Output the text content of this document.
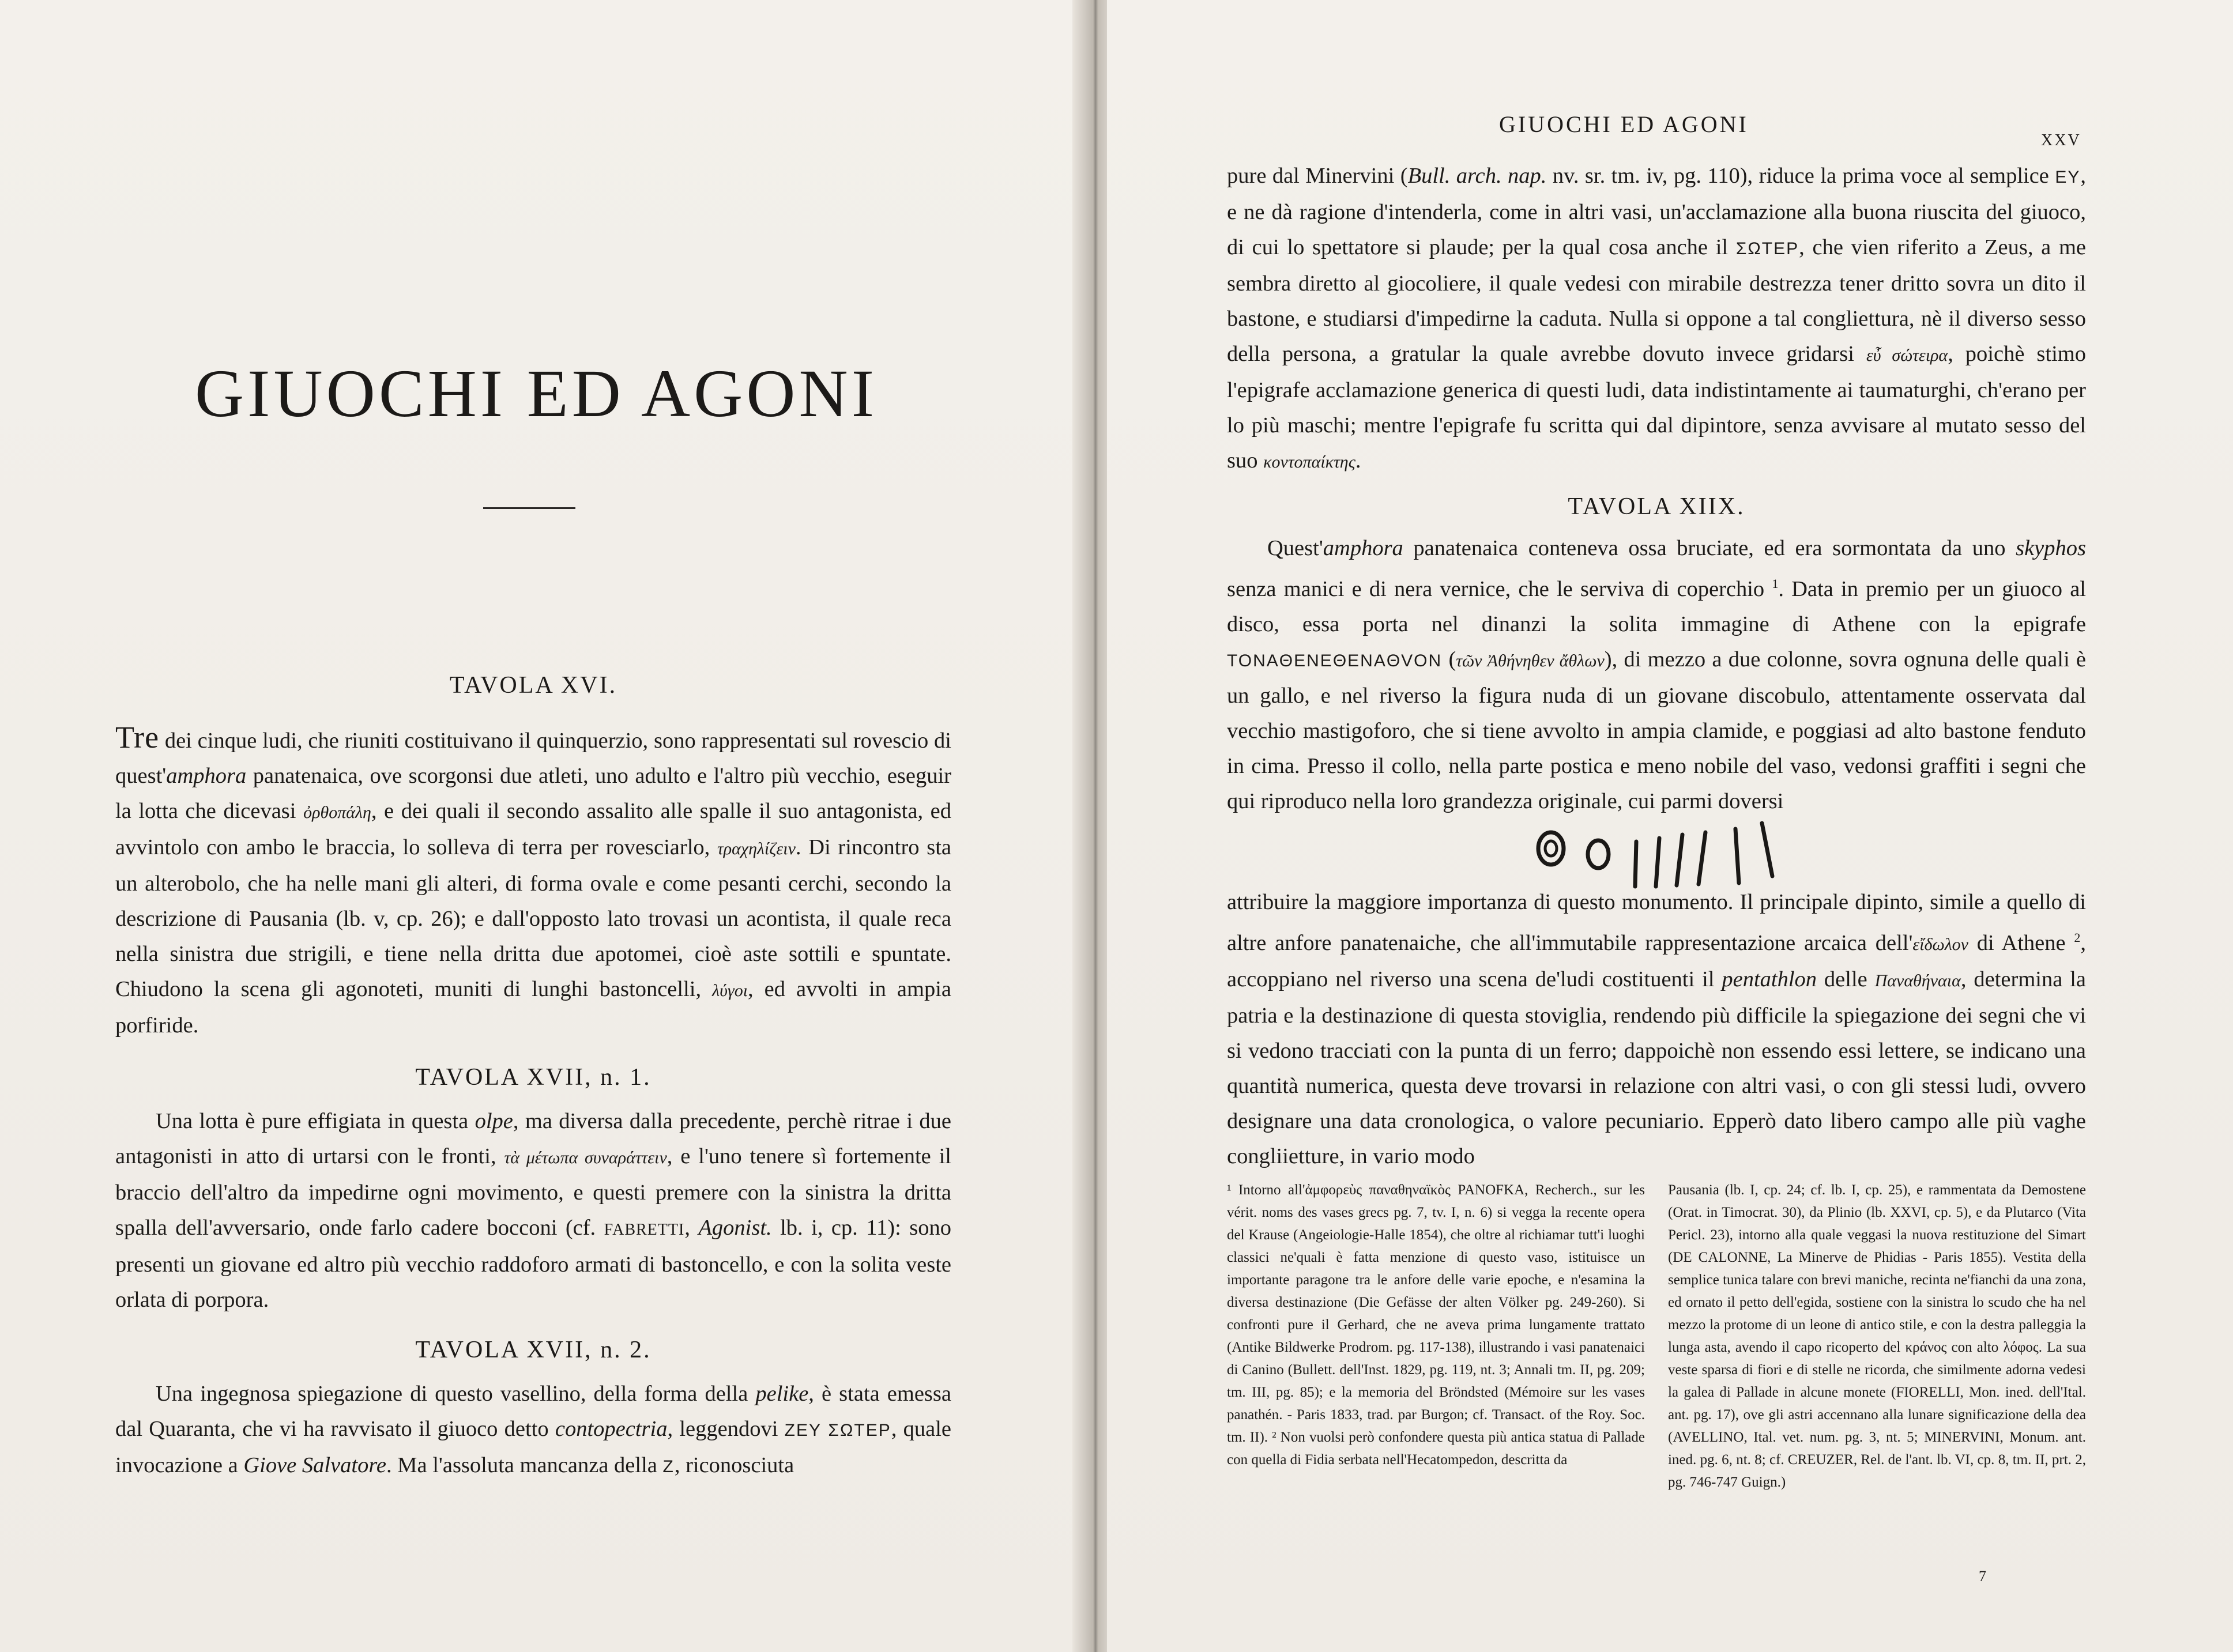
GIUOCHI ED AGONI

TAVOLA XVI.

Tre dei cinque ludi, che riuniti costituivano il quinquerzio, sono rappresentati sul rovescio di quest'amphora panatenaica, ove scorgonsi due atleti, uno adulto e l'altro più vecchio, eseguir la lotta che dicevasi ὀρθοπάλη, e dei quali il secondo assalito alle spalle il suo antagonista, ed avvintolo con ambo le braccia, lo solleva di terra per rovesciarlo, τραχηλίζειν. Di rincontro sta un alterobolo, che ha nelle mani gli alteri, di forma ovale e come pesanti cerchi, secondo la descrizione di Pausania (lb. v, cp. 26); e dall'opposto lato trovasi un acontista, il quale reca nella sinistra due strigili, e tiene nella dritta due apotomei, cioè aste sottili e spuntate. Chiudono la scena gli agonoteti, muniti di lunghi bastoncelli, λύγοι, ed avvolti in ampia porfiride.

TAVOLA XVII, n. 1.

Una lotta è pure effigiata in questa olpe, ma diversa dalla precedente, perchè ritrae i due antagonisti in atto di urtarsi con le fronti, τὰ μέτωπα συναράττειν, e l'uno tenere sì fortemente il braccio dell'altro da impedirne ogni movimento, e questi premere con la sinistra la dritta spalla dell'avversario, onde farlo cadere bocconi (cf. FABRETTI, Agonist. lb. i, cp. 11): sono presenti un giovane ed altro più vecchio raddoforo armati di bastoncello, e con la solita veste orlata di porpora.

TAVOLA XVII, n. 2.

Una ingegnosa spiegazione di questo vasellino, della forma della pelike, è stata emessa dal Quaranta, che vi ha ravvisato il giuoco detto contopectria, leggendovi ZEY ΣΩTEP, quale invocazione a Giove Salvatore. Ma l'assoluta mancanza della Z, riconosciuta

GIUOCHI ED AGONI
XXV

pure dal Minervini (Bull. arch. nap. nv. sr. tm. iv, pg. 110), riduce la prima voce al semplice EY, e ne dà ragione d'intenderla, come in altri vasi, un'acclamazione alla buona riuscita del giuoco, di cui lo spettatore si plaude; per la qual cosa anche il ΣΩTEP, che vien riferito a Zeus, a me sembra diretto al giocoliere, il quale vedesi con mirabile destrezza tener dritto sovra un dito il bastone, e studiarsi d'impedirne la caduta. Nulla si oppone a tal congliettura, nè il diverso sesso della persona, a gratular la quale avrebbe dovuto invece gridarsi εὖ σώτειρα, poichè stimo l'epigrafe acclamazione generica di questi ludi, data indistintamente ai taumaturghi, ch'erano per lo più maschi; mentre l'epigrafe fu scritta qui dal dipintore, senza avvisare al mutato sesso del suo κοντοπαίκτης.

TAVOLA XIIX.

Quest'amphora panatenaica conteneva ossa bruciate, ed era sormontata da uno skyphos senza manici e di nera vernice, che le serviva di coperchio $^1$. Data in premio per un giuoco al disco, essa porta nel dinanzi la solita immagine di Athene con la epigrafe TONAΘENEΘENAΘVON (τῶν Ἀθήνηθεν ἄθλων), di mezzo a due colonne, sovra ognuna delle quali è un gallo, e nel riverso la figura nuda di un giovane discobulo, attentamente osservata dal vecchio mastigoforo, che si tiene avvolto in ampia clamide, e poggiasi ad alto bastone fenduto in cima. Presso il collo, nella parte postica e meno nobile del vaso, vedonsi graffiti i segni che qui riproduco nella loro grandezza originale, cui parmi doversi

attribuire la maggiore importanza di questo monumento. Il principale dipinto, simile a quello di altre anfore panatenaiche, che all'immutabile rappresentazione arcaica dell'εἴδωλον di Athene $^2$, accoppiano nel riverso una scena de'ludi costituenti il pentathlon delle Παναθήναια, determina la patria e la destinazione di questa stoviglia, rendendo più difficile la spiegazione dei segni che vi si vedono tracciati con la punta di un ferro; dappoichè non essendo essi lettere, se indicano una quantità numerica, questa deve trovarsi in relazione con altri vasi, o con gli stessi ludi, ovvero designare una data cronologica, o valore pecuniario. Epperò dato libero campo alle più vaghe congliietture, in vario modo

¹ Intorno all'ἀμφορεὺς παναθηναϊκὸς PANOFKA, Recherch., sur les vérit. noms des vases grecs pg. 7, tv. I, n. 6) si vegga la recente opera del Krause (Angeiologie-Halle 1854), che oltre al richiamar tutt'i luoghi classici ne'quali è fatta menzione di questo vaso, istituisce un importante paragone tra le anfore delle varie epoche, e n'esamina la diversa destinazione (Die Gefässe der alten Völker pg. 249-260). Si confronti pure il Gerhard, che ne aveva prima lungamente trattato (Antike Bildwerke Prodrom. pg. 117-138), illustrando i vasi panatenaici di Canino (Bullett. dell'Inst. 1829, pg. 119, nt. 3; Annali tm. II, pg. 209; tm. III, pg. 85); e la memoria del Bröndsted (Mémoire sur les vases panathén. - Paris 1833, trad. par Burgon; cf. Transact. of the Roy. Soc. tm. II). ² Non vuolsi però confondere questa più antica statua di Pallade con quella di Fidia serbata nell'Hecatompedon, descritta da

Pausania (lb. I, cp. 24; cf. lb. I, cp. 25), e rammentata da Demostene (Orat. in Timocrat. 30), da Plinio (lb. XXVI, cp. 5), e da Plutarco (Vita Pericl. 23), intorno alla quale veggasi la nuova restituzione del Simart (DE CALONNE, La Minerve de Phidias - Paris 1855). Vestita della semplice tunica talare con brevi maniche, recinta ne'fianchi da una zona, ed ornato il petto dell'egida, sostiene con la sinistra lo scudo che ha nel mezzo la protome di un leone di antico stile, e con la destra palleggia la lunga asta, avendo il capo ricoperto del κράνος con alto λόφος. La sua veste sparsa di fiori e di stelle ne ricorda, che similmente adorna vedesi la galea di Pallade in alcune monete (FIORELLI, Mon. ined. dell'Ital. ant. pg. 17), ove gli astri accennano alla lunare significazione della dea (AVELLINO, Ital. vet. num. pg. 3, nt. 5; MINERVINI, Monum. ant. ined. pg. 6, nt. 8; cf. CREUZER, Rel. de l'ant. lb. VI, cp. 8, tm. II, prt. 2, pg. 746-747 Guign.)

7
